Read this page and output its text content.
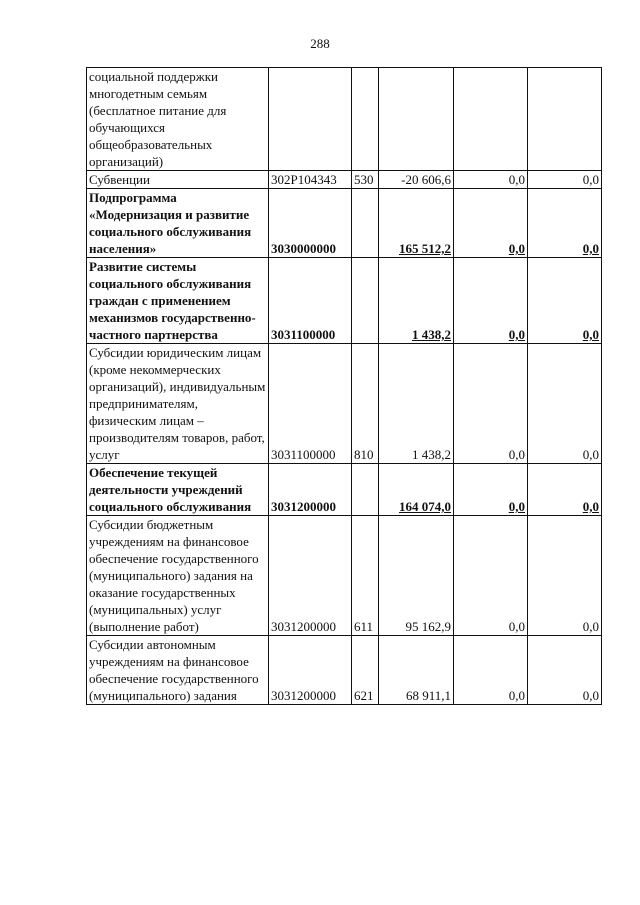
288
социальной поддержки многодетным семьям (бесплатное питание для обучающихся общеобразовательных организаций)					
Субвенции	302P104343	530	-20 606,6	0,0	0,0
Подпрограмма «Модернизация и развитие социального обслуживания населения»	3030000000		165 512,2	0,0	0,0
Развитие системы социального обслуживания граждан с применением механизмов государственно-частного партнерства	3031100000		1 438,2	0,0	0,0
Субсидии юридическим лицам (кроме некоммерческих организаций), индивидуальным предпринимателям, физическим лицам – производителям товаров, работ, услуг	3031100000	810	1 438,2	0,0	0,0
Обеспечение текущей деятельности учреждений социального обслуживания	3031200000		164 074,0	0,0	0,0
Субсидии бюджетным учреждениям на финансовое обеспечение государственного (муниципального) задания на оказание государственных (муниципальных) услуг (выполнение работ)	3031200000	611	95 162,9	0,0	0,0
Субсидии автономным учреждениям на финансовое обеспечение государственного (муниципального) задания	3031200000	621	68 911,1	0,0	0,0
